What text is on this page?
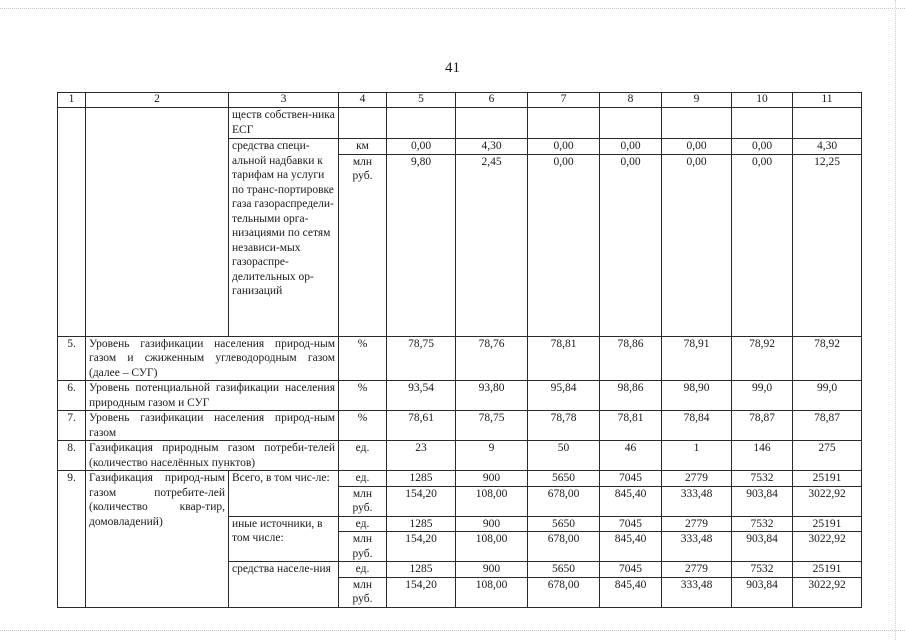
41
1	2	3	4	5	6	7	8	9	10	11
		ществ собствен-ника ЕСГ								
		средства специ-альной надбавки к тарифам на услуги по транс-портировке газа газораспредели-тельными орга-низациями по сетям независи-мых газораспре-делительных ор-ганизаций	км	0,00	4,30	0,00	0,00	0,00	0,00	4,30
			млн руб.	9,80	2,45	0,00	0,00	0,00	0,00	12,25
5.	Уровень газификации населения природ-ным газом и сжиженным углеводородным газом (далее – СУГ)		%	78,75	78,76	78,81	78,86	78,91	78,92	78,92
6.	Уровень потенциальной газификации населения природным газом и СУГ		%	93,54	93,80	95,84	98,86	98,90	99,0	99,0
7.	Уровень газификации населения природ-ным газом		%	78,61	78,75	78,78	78,81	78,84	78,87	78,87
8.	Газификация природным газом потреби-телей (количество населённых пунктов)		ед.	23	9	50	46	1	146	275
9.	Газификация природ-ным газом потребите-лей (количество квар-тир, домовладений)	Всего, в том чис-ле:	ед.	1285	900	5650	7045	2779	7532	25191
			млн руб.	154,20	108,00	678,00	845,40	333,48	903,84	3022,92
		иные источники, в том числе:	ед.	1285	900	5650	7045	2779	7532	25191
			млн руб.	154,20	108,00	678,00	845,40	333,48	903,84	3022,92
		средства населе-ния	ед.	1285	900	5650	7045	2779	7532	25191
			млн руб.	154,20	108,00	678,00	845,40	333,48	903,84	3022,92
